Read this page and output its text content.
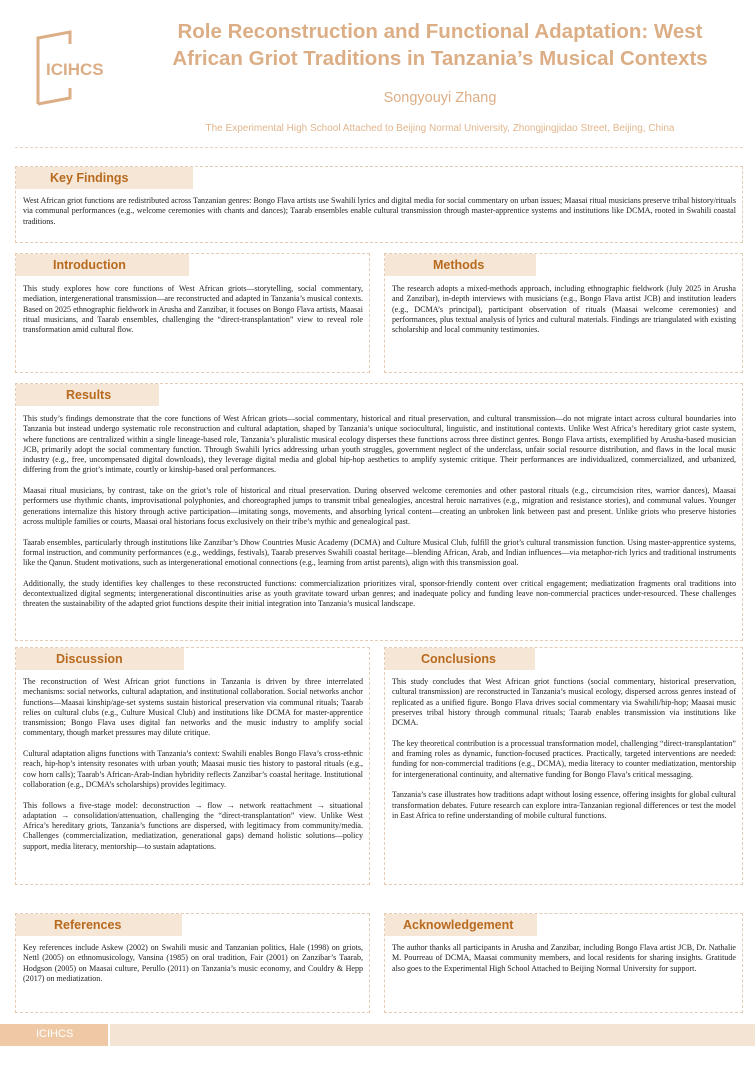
ICIHCS
Role Reconstruction and Functional Adaptation: West
African Griot Traditions in Tanzania’s Musical Contexts
Songyouyi Zhang
The Experimental High School Attached to Beijing Normal University, Zhongjingjidao Street, Beijing, China
Key Findings

West African griot functions are redistributed across Tanzanian genres: Bongo Flava artists use Swahili lyrics and digital media for social commentary on urban issues; Maasai ritual musicians preserve tribal history/rituals via communal performances (e.g., welcome ceremonies with chants and dances); Taarab ensembles enable cultural transmission through master-apprentice systems and institutions like DCMA, rooted in Swahili coastal traditions.

Introduction

This study explores how core functions of West African griots—storytelling, social commentary, mediation, intergenerational transmission—are reconstructed and adapted in Tanzania’s musical contexts. Based on 2025 ethnographic fieldwork in Arusha and Zanzibar, it focuses on Bongo Flava artists, Maasai ritual musicians, and Taarab ensembles, challenging the “direct-transplantation” view to reveal role transformation amid cultural flow.

Methods

The research adopts a mixed-methods approach, including ethnographic fieldwork (July 2025 in Arusha and Zanzibar), in-depth interviews with musicians (e.g., Bongo Flava artist JCB) and institution leaders (e.g., DCMA’s principal), participant observation of rituals (Maasai welcome ceremonies) and performances, plus textual analysis of lyrics and cultural materials. Findings are triangulated with existing scholarship and local community testimonies.

Results

This study’s findings demonstrate that the core functions of West African griots—social commentary, historical and ritual preservation, and cultural transmission—do not migrate intact across cultural boundaries into Tanzania but instead undergo systematic role reconstruction and cultural adaptation, shaped by Tanzania’s unique sociocultural, linguistic, and institutional contexts. Unlike West Africa’s hereditary griot caste system, where functions are centralized within a single lineage-based role, Tanzania’s pluralistic musical ecology disperses these functions across three distinct genres. Bongo Flava artists, exemplified by Arusha-based musician JCB, primarily adopt the social commentary function. Through Swahili lyrics addressing urban youth struggles, government neglect of the underclass, unfair social resource distribution, and flaws in the local music industry (e.g., free, uncompensated digital downloads), they leverage digital media and global hip-hop aesthetics to amplify systemic critique. Their performances are individualized, commercialized, and urbanized, differing from the griot’s intimate, courtly or kinship-based oral performances.

Maasai ritual musicians, by contrast, take on the griot’s role of historical and ritual preservation. During observed welcome ceremonies and other pastoral rituals (e.g., circumcision rites, warrior dances), Maasai performers use rhythmic chants, improvisational polyphonies, and choreographed jumps to transmit tribal genealogies, ancestral heroic narratives (e.g., migration and resistance stories), and communal values. Younger generations internalize this history through active participation—imitating songs, movements, and absorbing lyrical content—creating an unbroken link between past and present. Unlike griots who preserve histories across multiple families or courts, Maasai oral historians focus exclusively on their tribe’s mythic and genealogical past.

Taarab ensembles, particularly through institutions like Zanzibar’s Dhow Countries Music Academy (DCMA) and Culture Musical Club, fulfill the griot’s cultural transmission function. Using master-apprentice systems, formal instruction, and community performances (e.g., weddings, festivals), Taarab preserves Swahili coastal heritage—blending African, Arab, and Indian influences—via metaphor-rich lyrics and traditional instruments like the Qanun. Student motivations, such as intergenerational emotional connections (e.g., learning from artist parents), align with this transmission goal.

Additionally, the study identifies key challenges to these reconstructed functions: commercialization prioritizes viral, sponsor-friendly content over critical engagement; mediatization fragments oral traditions into decontextualized digital segments; intergenerational discontinuities arise as youth gravitate toward urban genres; and inadequate policy and funding leave non-commercial practices under-resourced. These challenges threaten the sustainability of the adapted griot functions despite their initial integration into Tanzania’s musical landscape.

Discussion

The reconstruction of West African griot functions in Tanzania is driven by three interrelated mechanisms: social networks, cultural adaptation, and institutional collaboration. Social networks anchor functions—Maasai kinship/age-set systems sustain historical preservation via communal rituals; Taarab relies on cultural clubs (e.g., Culture Musical Club) and institutions like DCMA for master-apprentice transmission; Bongo Flava uses digital fan networks and the music industry to amplify social commentary, though market pressures may dilute critique.

Cultural adaptation aligns functions with Tanzania’s context: Swahili enables Bongo Flava’s cross-ethnic reach, hip-hop’s intensity resonates with urban youth; Maasai music ties history to pastoral rituals (e.g., cow horn calls); Taarab’s African-Arab-Indian hybridity reflects Zanzibar’s coastal heritage. Institutional collaboration (e.g., DCMA’s scholarships) provides legitimacy.

This follows a five-stage model: deconstruction → flow → network reattachment → situational adaptation → consolidation/attenuation, challenging the “direct-transplantation” view. Unlike West Africa’s hereditary griots, Tanzania’s functions are dispersed, with legitimacy from community/media. Challenges (commercialization, mediatization, generational gaps) demand holistic solutions—policy support, media literacy, mentorship—to sustain adaptations.

Conclusions

This study concludes that West African griot functions (social commentary, historical preservation, cultural transmission) are reconstructed in Tanzania’s musical ecology, dispersed across genres instead of replicated as a unified figure. Bongo Flava drives social commentary via Swahili/hip-hop; Maasai music preserves tribal history through communal rituals; Taarab enables transmission via institutions like DCMA.

The key theoretical contribution is a processual transformation model, challenging “direct-transplantation” and framing roles as dynamic, function-focused practices. Practically, targeted interventions are needed: funding for non-commercial traditions (e.g., DCMA), media literacy to counter mediatization, mentorship for intergenerational continuity, and alternative funding for Bongo Flava’s critical messaging.

Tanzania’s case illustrates how traditions adapt without losing essence, offering insights for global cultural transformation debates. Future research can explore intra-Tanzanian regional differences or test the model in East Africa to refine understanding of mobile cultural functions.

References

Key references include Askew (2002) on Swahili music and Tanzanian politics, Hale (1998) on griots, Nettl (2005) on ethnomusicology, Vansina (1985) on oral tradition, Fair (2001) on Zanzibar’s Taarab, Hodgson (2005) on Maasai culture, Perullo (2011) on Tanzania’s music economy, and Couldry & Hepp (2017) on mediatization.

Acknowledgement

The author thanks all participants in Arusha and Zanzibar, including Bongo Flava artist JCB, Dr. Nathalie M. Pourreau of DCMA, Maasai community members, and local residents for sharing insights. Gratitude also goes to the Experimental High School Attached to Beijing Normal University for support.

ICIHCS
